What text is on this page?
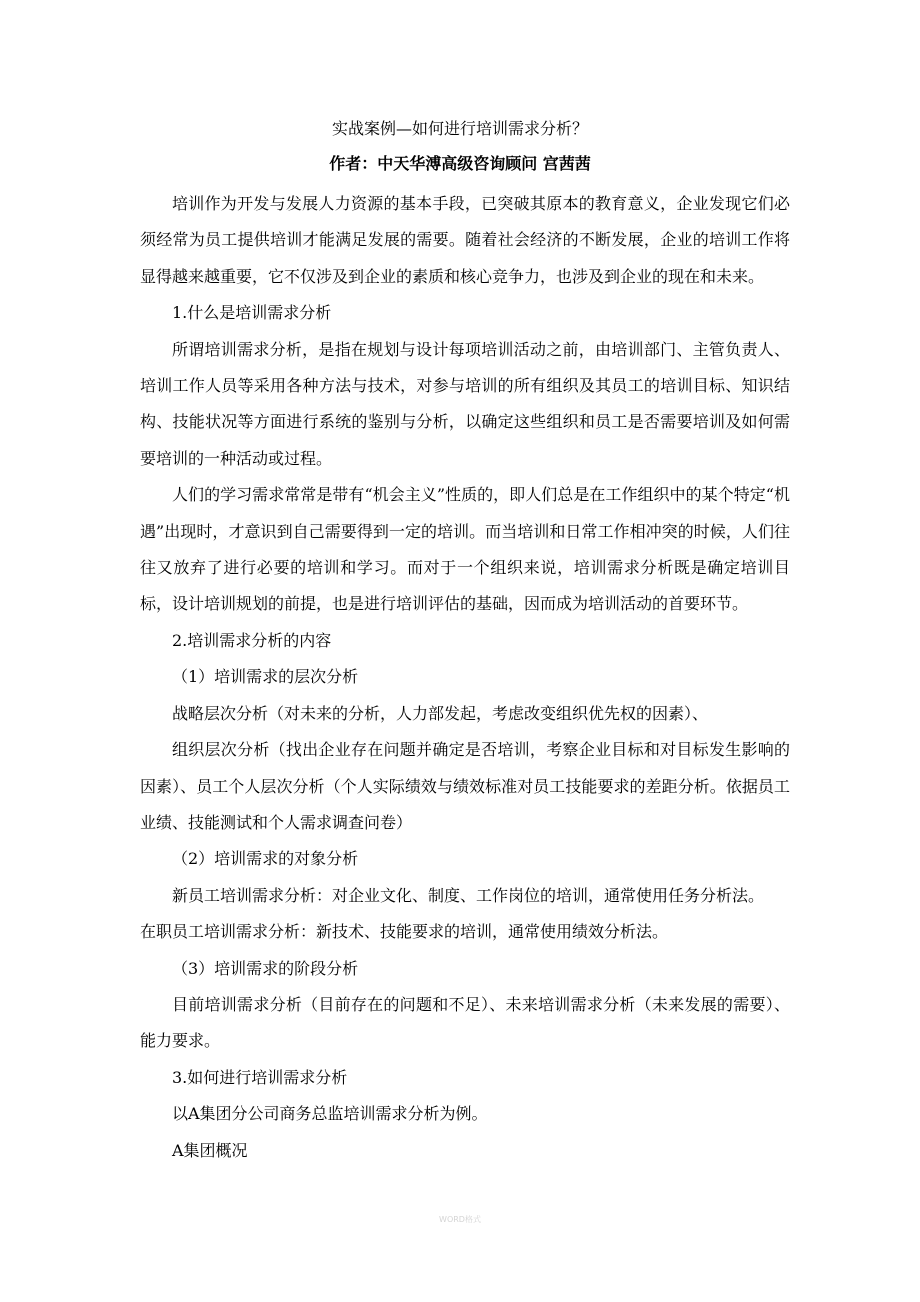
实战案例—如何进行培训需求分析？
作者：中天华溥高级咨询顾问 宫茜茜

培训作为开发与发展人力资源的基本手段，已突破其原本的教育意义，企业发现它们必须经常为员工提供培训才能满足发展的需要。随着社会经济的不断发展，企业的培训工作将显得越来越重要，它不仅涉及到企业的素质和核心竞争力，也涉及到企业的现在和未来。

1.什么是培训需求分析

所谓培训需求分析，是指在规划与设计每项培训活动之前，由培训部门、主管负责人、培训工作人员等采用各种方法与技术，对参与培训的所有组织及其员工的培训目标、知识结构、技能状况等方面进行系统的鉴别与分析，以确定这些组织和员工是否需要培训及如何需要培训的一种活动或过程。

人们的学习需求常常是带有“机会主义”性质的，即人们总是在工作组织中的某个特定“机遇”出现时，才意识到自己需要得到一定的培训。而当培训和日常工作相冲突的时候，人们往往又放弃了进行必要的培训和学习。而对于一个组织来说，培训需求分析既是确定培训目标，设计培训规划的前提，也是进行培训评估的基础，因而成为培训活动的首要环节。

2.培训需求分析的内容

（1）培训需求的层次分析

战略层次分析（对未来的分析，人力部发起，考虑改变组织优先权的因素）、

组织层次分析（找出企业存在问题并确定是否培训，考察企业目标和对目标发生影响的因素）、员工个人层次分析（个人实际绩效与绩效标准对员工技能要求的差距分析。依据员工业绩、技能测试和个人需求调查问卷）

（2）培训需求的对象分析

新员工培训需求分析：对企业文化、制度、工作岗位的培训，通常使用任务分析法。

在职员工培训需求分析：新技术、技能要求的培训，通常使用绩效分析法。

（3）培训需求的阶段分析

目前培训需求分析（目前存在的问题和不足）、未来培训需求分析（未来发展的需要）、能力要求。

3.如何进行培训需求分析

以A集团分公司商务总监培训需求分析为例。

A集团概况

WORD格式
